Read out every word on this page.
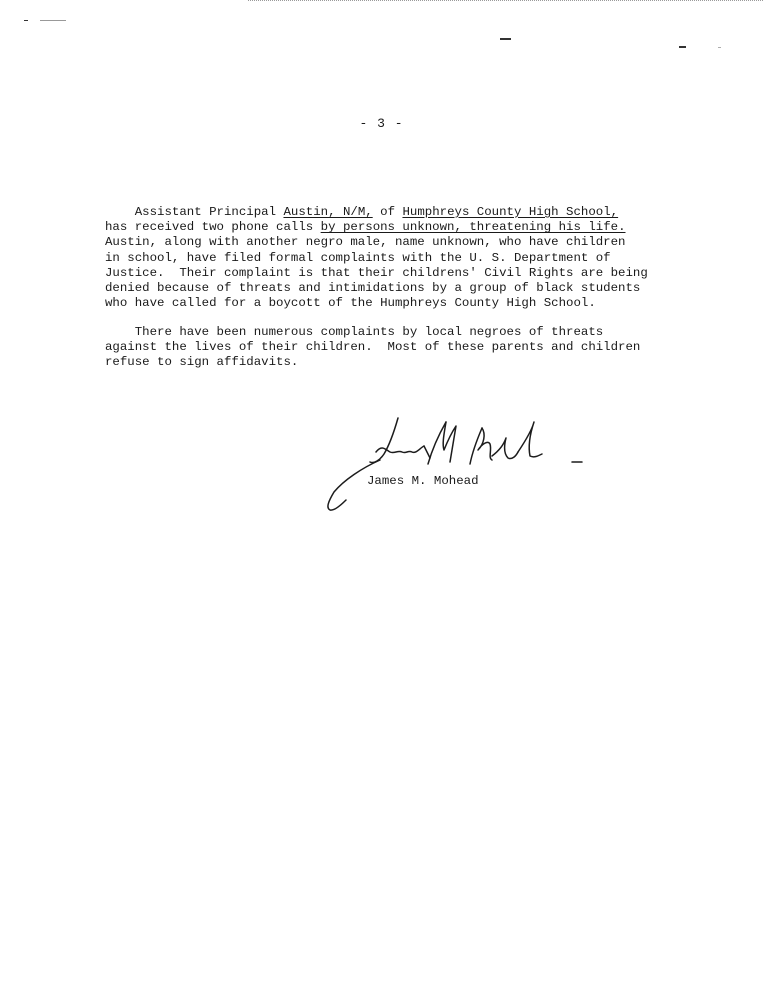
- 3 -
Assistant Principal Austin, N/M, of Humphreys County High School,
has received two phone calls by persons unknown, threatening his life.
Austin, along with another negro male, name unknown, who have children
in school, have filed formal complaints with the U. S. Department of
Justice.  Their complaint is that their childrens' Civil Rights are being
denied because of threats and intimidations by a group of black students
who have called for a boycott of the Humphreys County High School.
There have been numerous complaints by local negroes of threats
against the lives of their children.  Most of these parents and children
refuse to sign affidavits.
James M. Mohead
